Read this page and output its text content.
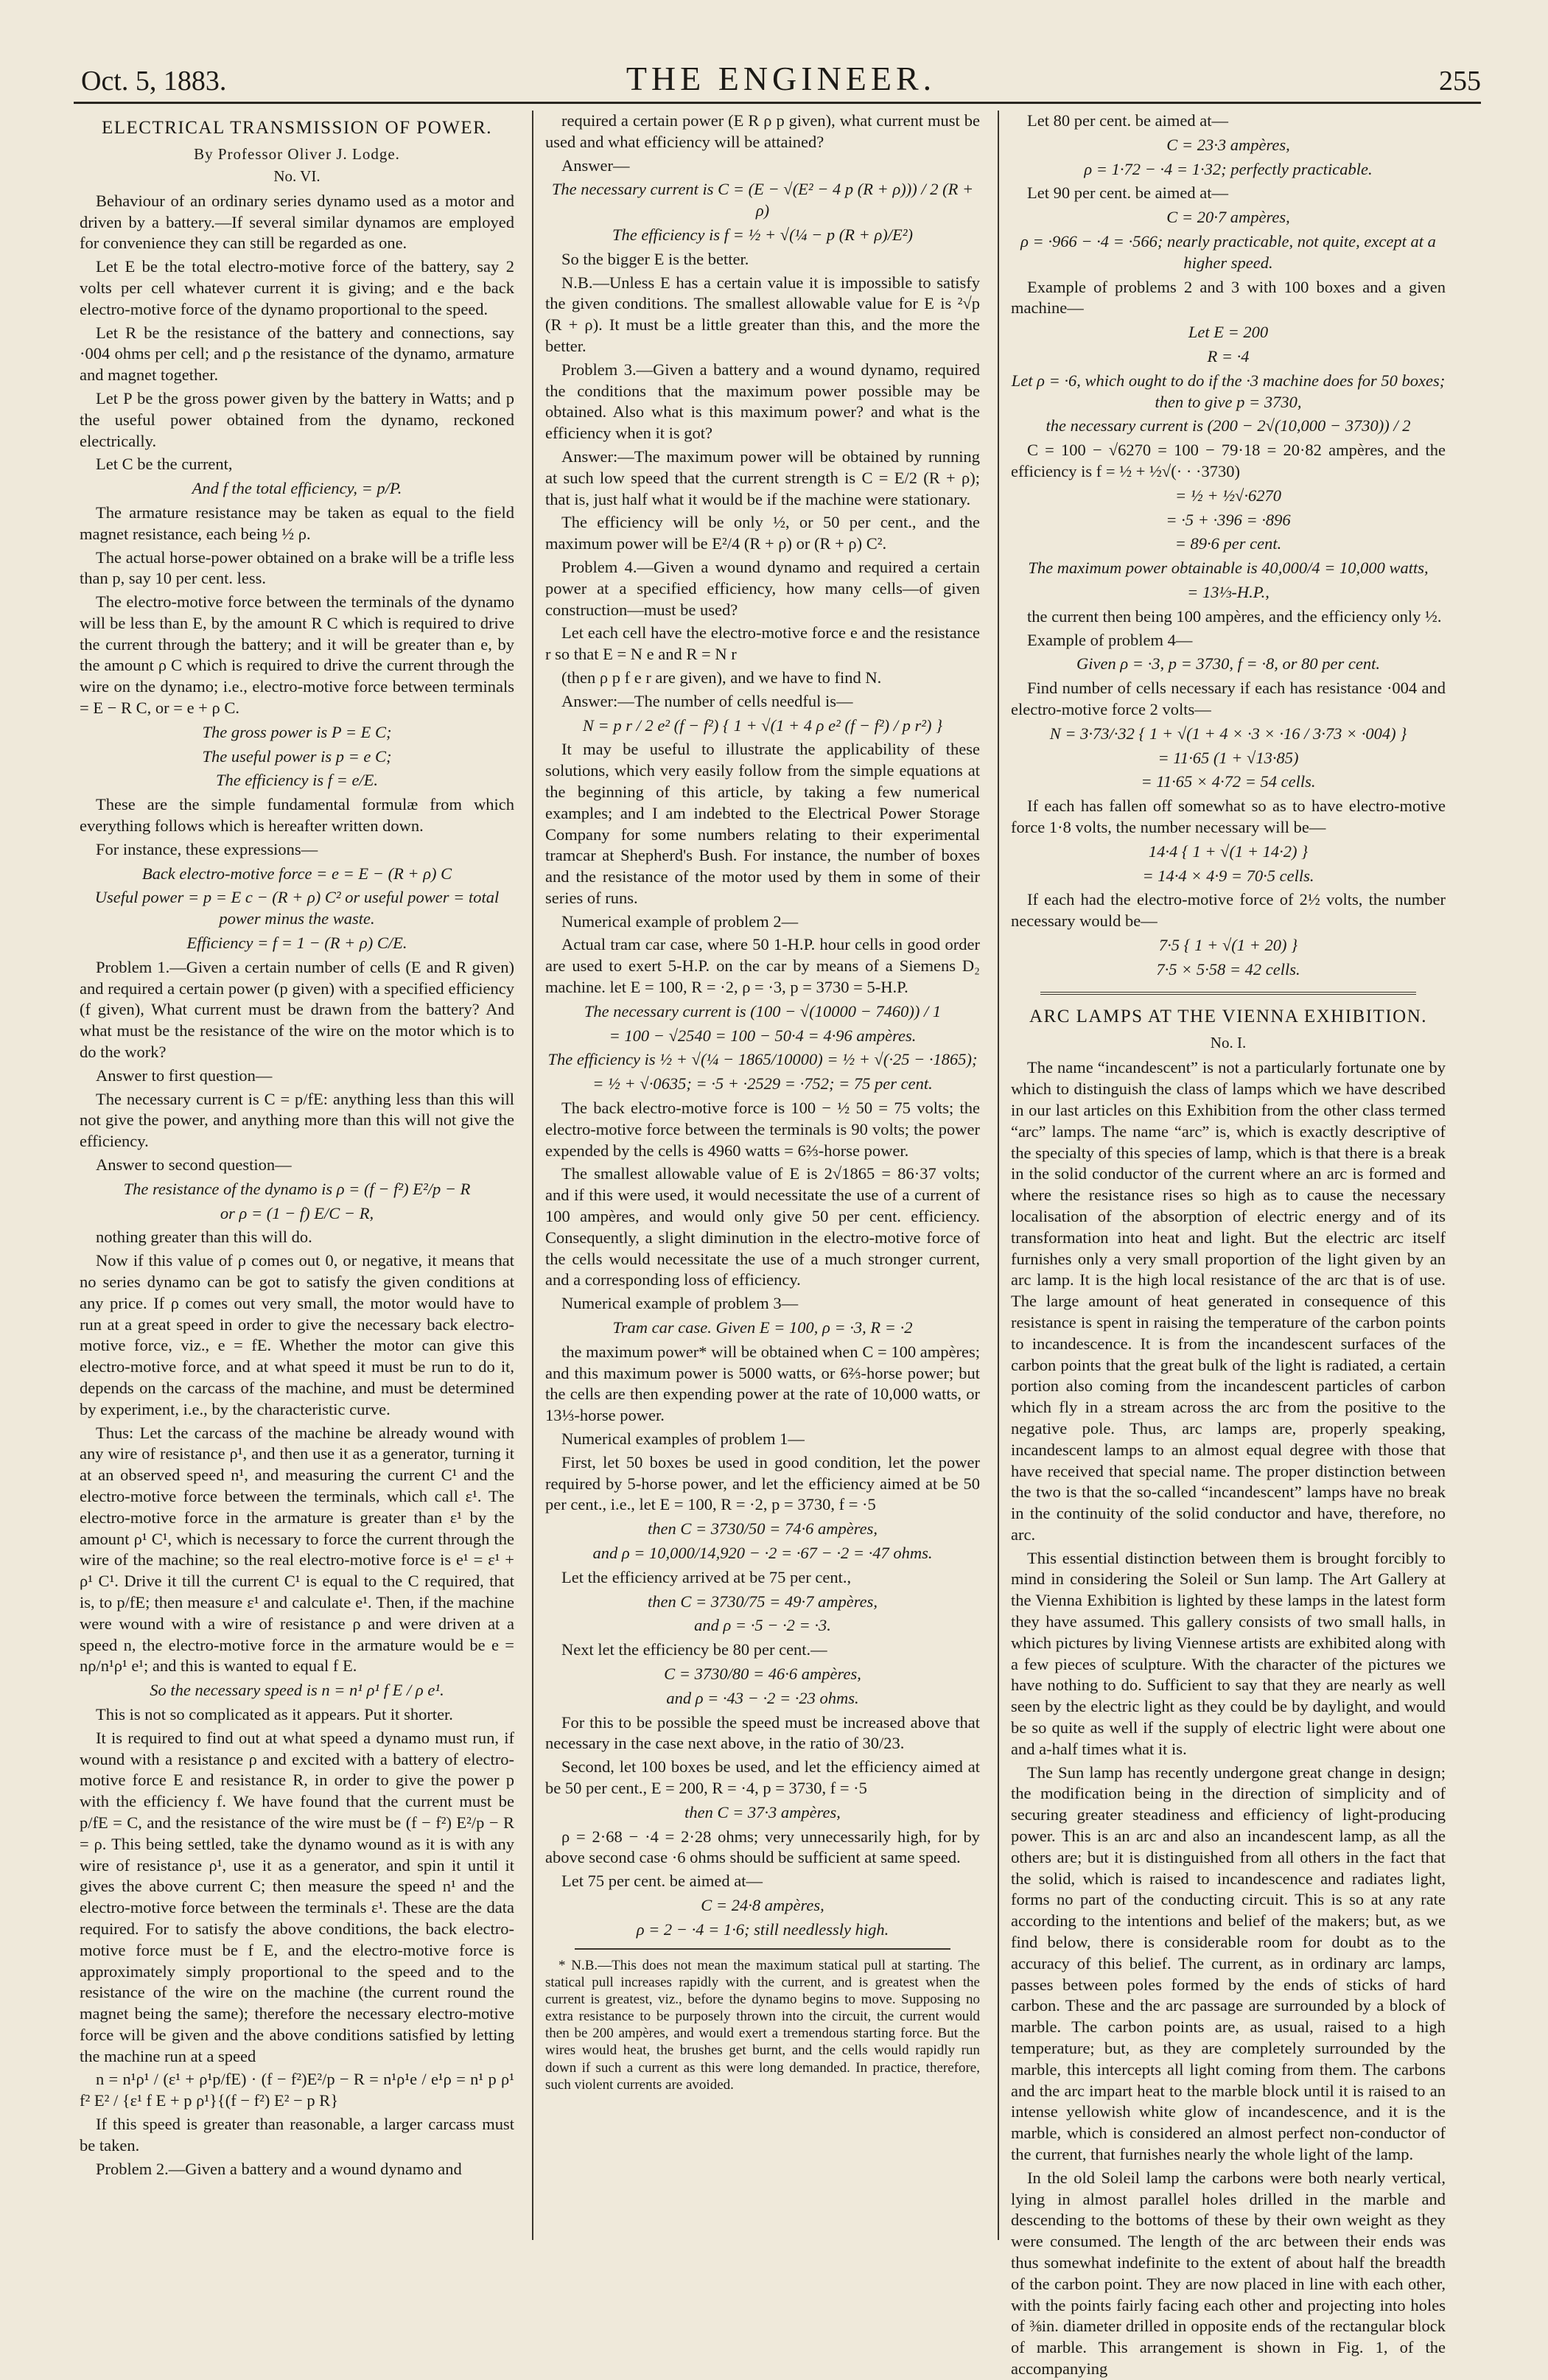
Oct. 5, 1883.	THE ENGINEER.	255

ELECTRICAL TRANSMISSION OF POWER.

By Professor Oliver J. Lodge.

No. VI.

Behaviour of an ordinary series dynamo used as a motor and driven by a battery.—If several similar dynamos are employed for convenience they can still be regarded as one.

Let E be the total electro-motive force of the battery, say 2 volts per cell whatever current it is giving; and e the back electro-motive force of the dynamo proportional to the speed.

Let R be the resistance of the battery and connections, say ·004 ohms per cell; and ρ the resistance of the dynamo, armature and magnet together.

Let P be the gross power given by the battery in Watts; and p the useful power obtained from the dynamo, reckoned electrically.

Let C be the current,

And f the total efficiency, = p/P.

The armature resistance may be taken as equal to the field magnet resistance, each being ½ ρ.

The actual horse-power obtained on a brake will be a trifle less than p, say 10 per cent. less.

The electro-motive force between the terminals of the dynamo will be less than E, by the amount R C which is required to drive the current through the battery; and it will be greater than e, by the amount ρ C which is required to drive the current through the wire on the dynamo; i.e., electro-motive force between terminals = E − R C, or = e + ρ C.

The gross power is P = E C;

The useful power is p = e C;

The efficiency is f = e/E.

These are the simple fundamental formulæ from which everything follows which is hereafter written down.

For instance, these expressions—

Back electro-motive force = e = E − (R + ρ) C

Useful power = p = E c − (R + ρ) C² or useful power = total power minus the waste.

Efficiency = f = 1 − (R + ρ) C/E.

Problem 1.—Given a certain number of cells (E and R given) and required a certain power (p given) with a specified efficiency (f given), What current must be drawn from the battery? And what must be the resistance of the wire on the motor which is to do the work?

Answer to first question—

The necessary current is C = p/fE: anything less than this will not give the power, and anything more than this will not give the efficiency.

Answer to second question—

The resistance of the dynamo is ρ = (f − f²) E²/p − R

or ρ = (1 − f) E/C − R,

nothing greater than this will do.

Now if this value of ρ comes out 0, or negative, it means that no series dynamo can be got to satisfy the given conditions at any price. If ρ comes out very small, the motor would have to run at a great speed in order to give the necessary back electro-motive force, viz., e = fE. Whether the motor can give this electro-motive force, and at what speed it must be run to do it, depends on the carcass of the machine, and must be determined by experiment, i.e., by the characteristic curve.

Thus: Let the carcass of the machine be already wound with any wire of resistance ρ¹, and then use it as a generator, turning it at an observed speed n¹, and measuring the current C¹ and the electro-motive force between the terminals, which call ε¹. The electro-motive force in the armature is greater than ε¹ by the amount ρ¹ C¹, which is necessary to force the current through the wire of the machine; so the real electro-motive force is e¹ = ε¹ + ρ¹ C¹. Drive it till the current C¹ is equal to the C required, that is, to p/fE; then measure ε¹ and calculate e¹. Then, if the machine were wound with a wire of resistance ρ and were driven at a speed n, the electro-motive force in the armature would be e = nρ/n¹ρ¹ e¹; and this is wanted to equal f E.

So the necessary speed is n = n¹ ρ¹ f E / ρ e¹.

This is not so complicated as it appears. Put it shorter.

It is required to find out at what speed a dynamo must run, if wound with a resistance ρ and excited with a battery of electro-motive force E and resistance R, in order to give the power p with the efficiency f. We have found that the current must be p/fE = C, and the resistance of the wire must be (f − f²) E²/p − R = ρ. This being settled, take the dynamo wound as it is with any wire of resistance ρ¹, use it as a generator, and spin it until it gives the above current C; then measure the speed n¹ and the electro-motive force between the terminals ε¹. These are the data required. For to satisfy the above conditions, the back electro-motive force must be f E, and the electro-motive force is approximately simply proportional to the speed and to the resistance of the wire on the machine (the current round the magnet being the same); therefore the necessary electro-motive force will be given and the above conditions satisfied by letting the machine run at a speed

n = n¹ρ¹ / (ε¹ + ρ¹p/fE) · (f − f²)E²/p − R = n¹ρ¹e / e¹ρ = n¹ p ρ¹ f² E² / {ε¹ f E + p ρ¹}{(f − f²) E² − p R}

If this speed is greater than reasonable, a larger carcass must be taken.

Problem 2.—Given a battery and a wound dynamo and

required a certain power (E R ρ p given), what current must be used and what efficiency will be attained?

Answer—

The necessary current is C = (E − √(E² − 4 p (R + ρ))) / 2 (R + ρ)

The efficiency is f = ½ + √(¼ − p (R + ρ)/E²)

So the bigger E is the better.

N.B.—Unless E has a certain value it is impossible to satisfy the given conditions. The smallest allowable value for E is ²√p (R + ρ). It must be a little greater than this, and the more the better.

Problem 3.—Given a battery and a wound dynamo, required the conditions that the maximum power possible may be obtained. Also what is this maximum power? and what is the efficiency when it is got?

Answer:—The maximum power will be obtained by running at such low speed that the current strength is C = E/2 (R + ρ); that is, just half what it would be if the machine were stationary.

The efficiency will be only ½, or 50 per cent., and the maximum power will be E²/4 (R + ρ) or (R + ρ) C².

Problem 4.—Given a wound dynamo and required a certain power at a specified efficiency, how many cells—of given construction—must be used?

Let each cell have the electro-motive force e and the resistance r so that E = N e and R = N r

(then ρ p f e r are given), and we have to find N.

Answer:—The number of cells needful is—

N = p r / 2 e² (f − f²) { 1 + √(1 + 4 ρ e² (f − f²) / p r²) }

It may be useful to illustrate the applicability of these solutions, which very easily follow from the simple equations at the beginning of this article, by taking a few numerical examples; and I am indebted to the Electrical Power Storage Company for some numbers relating to their experimental tramcar at Shepherd's Bush. For instance, the number of boxes and the resistance of the motor used by them in some of their series of runs.

Numerical example of problem 2—

Actual tram car case, where 50 1-H.P. hour cells in good order are used to exert 5-H.P. on the car by means of a Siemens D₂ machine. let E = 100, R = ·2, ρ = ·3, p = 3730 = 5-H.P.

The necessary current is (100 − √(10000 − 7460)) / 1

= 100 − √2540 = 100 − 50·4 = 4·96 ampères.

The efficiency is ½ + √(¼ − 1865/10000) = ½ + √(·25 − ·1865);

= ½ + √·0635; = ·5 + ·2529 = ·752; = 75 per cent.

The back electro-motive force is 100 − ½ 50 = 75 volts; the electro-motive force between the terminals is 90 volts; the power expended by the cells is 4960 watts = 6⅔-horse power.

The smallest allowable value of E is 2√1865 = 86·37 volts; and if this were used, it would necessitate the use of a current of 100 ampères, and would only give 50 per cent. efficiency. Consequently, a slight diminution in the electro-motive force of the cells would necessitate the use of a much stronger current, and a corresponding loss of efficiency.

Numerical example of problem 3—

Tram car case. Given E = 100, ρ = ·3, R = ·2

the maximum power* will be obtained when C = 100 ampères; and this maximum power is 5000 watts, or 6⅔-horse power; but the cells are then expending power at the rate of 10,000 watts, or 13⅓-horse power.

Numerical examples of problem 1—

First, let 50 boxes be used in good condition, let the power required by 5-horse power, and let the efficiency aimed at be 50 per cent., i.e., let E = 100, R = ·2, p = 3730, f = ·5

then C = 3730/50 = 74·6 ampères,

and ρ = 10,000/14,920 − ·2 = ·67 − ·2 = ·47 ohms.

Let the efficiency arrived at be 75 per cent.,

then C = 3730/75 = 49·7 ampères,

and ρ = ·5 − ·2 = ·3.

Next let the efficiency be 80 per cent.—

C = 3730/80 = 46·6 ampères,

and ρ = ·43 − ·2 = ·23 ohms.

For this to be possible the speed must be increased above that necessary in the case next above, in the ratio of 30/23.

Second, let 100 boxes be used, and let the efficiency aimed at be 50 per cent., E = 200, R = ·4, p = 3730, f = ·5

then C = 37·3 ampères,

ρ = 2·68 − ·4 = 2·28 ohms; very unnecessarily high, for by above second case ·6 ohms should be sufficient at same speed.

Let 75 per cent. be aimed at—

C = 24·8 ampères,

ρ = 2 − ·4 = 1·6; still needlessly high.

* N.B.—This does not mean the maximum statical pull at starting. The statical pull increases rapidly with the current, and is greatest when the current is greatest, viz., before the dynamo begins to move. Supposing no extra resistance to be purposely thrown into the circuit, the current would then be 200 ampères, and would exert a tremendous starting force. But the wires would heat, the brushes get burnt, and the cells would rapidly run down if such a current as this were long demanded. In practice, therefore, such violent currents are avoided.

Let 80 per cent. be aimed at—

C = 23·3 ampères,

ρ = 1·72 − ·4 = 1·32; perfectly practicable.

Let 90 per cent. be aimed at—

C = 20·7 ampères,

ρ = ·966 − ·4 = ·566; nearly practicable, not quite, except at a higher speed.

Example of problems 2 and 3 with 100 boxes and a given machine—

Let E = 200

R = ·4

Let ρ = ·6, which ought to do if the ·3 machine does for 50 boxes; then to give p = 3730,

the necessary current is (200 − 2√(10,000 − 3730)) / 2

C = 100 − √6270 = 100 − 79·18 = 20·82 ampères, and the efficiency is f = ½ + ½√(· · ·3730)

= ½ + ½√·6270

= ·5 + ·396 = ·896

= 89·6 per cent.

The maximum power obtainable is 40,000/4 = 10,000 watts,

= 13⅓-H.P.,

the current then being 100 ampères, and the efficiency only ½.

Example of problem 4—

Given ρ = ·3, p = 3730, f = ·8, or 80 per cent.

Find number of cells necessary if each has resistance ·004 and electro-motive force 2 volts—

N = 3·73/·32 { 1 + √(1 + 4 × ·3 × ·16 / 3·73 × ·004) }

= 11·65 (1 + √13·85)

= 11·65 × 4·72 = 54 cells.

If each has fallen off somewhat so as to have electro-motive force 1·8 volts, the number necessary will be—

14·4 { 1 + √(1 + 14·2) }

= 14·4 × 4·9 = 70·5 cells.

If each had the electro-motive force of 2½ volts, the number necessary would be—

7·5 { 1 + √(1 + 20) }

7·5 × 5·58 = 42 cells.

ARC LAMPS AT THE VIENNA EXHIBITION.

No. I.

The name “incandescent” is not a particularly fortunate one by which to distinguish the class of lamps which we have described in our last articles on this Exhibition from the other class termed “arc” lamps. The name “arc” is, which is exactly descriptive of the specialty of this species of lamp, which is that there is a break in the solid conductor of the current where an arc is formed and where the resistance rises so high as to cause the necessary localisation of the absorption of electric energy and of its transformation into heat and light. But the electric arc itself furnishes only a very small proportion of the light given by an arc lamp. It is the high local resistance of the arc that is of use. The large amount of heat generated in consequence of this resistance is spent in raising the temperature of the carbon points to incandescence. It is from the incandescent surfaces of the carbon points that the great bulk of the light is radiated, a certain portion also coming from the incandescent particles of carbon which fly in a stream across the arc from the positive to the negative pole. Thus, arc lamps are, properly speaking, incandescent lamps to an almost equal degree with those that have received that special name. The proper distinction between the two is that the so-called “incandescent” lamps have no break in the continuity of the solid conductor and have, therefore, no arc.

This essential distinction between them is brought forcibly to mind in considering the Soleil or Sun lamp. The Art Gallery at the Vienna Exhibition is lighted by these lamps in the latest form they have assumed. This gallery consists of two small halls, in which pictures by living Viennese artists are exhibited along with a few pieces of sculpture. With the character of the pictures we have nothing to do. Sufficient to say that they are nearly as well seen by the electric light as they could be by daylight, and would be so quite as well if the supply of electric light were about one and a-half times what it is.

The Sun lamp has recently undergone great change in design; the modification being in the direction of simplicity and of securing greater steadiness and efficiency of light-producing power. This is an arc and also an incandescent lamp, as all the others are; but it is distinguished from all others in the fact that the solid, which is raised to incandescence and radiates light, forms no part of the conducting circuit. This is so at any rate according to the intentions and belief of the makers; but, as we find below, there is considerable room for doubt as to the accuracy of this belief. The current, as in ordinary arc lamps, passes between poles formed by the ends of sticks of hard carbon. These and the arc passage are surrounded by a block of marble. The carbon points are, as usual, raised to a high temperature; but, as they are completely surrounded by the marble, this intercepts all light coming from them. The carbons and the arc impart heat to the marble block until it is raised to an intense yellowish white glow of incandescence, and it is the marble, which is considered an almost perfect non-conductor of the current, that furnishes nearly the whole light of the lamp.

In the old Soleil lamp the carbons were both nearly vertical, lying in almost parallel holes drilled in the marble and descending to the bottoms of these by their own weight as they were consumed. The length of the arc between their ends was thus somewhat indefinite to the extent of about half the breadth of the carbon point. They are now placed in line with each other, with the points fairly facing each other and projecting into holes of ⅜in. diameter drilled in opposite ends of the rectangular block of marble. This arrangement is shown in Fig. 1, of the accompanying
